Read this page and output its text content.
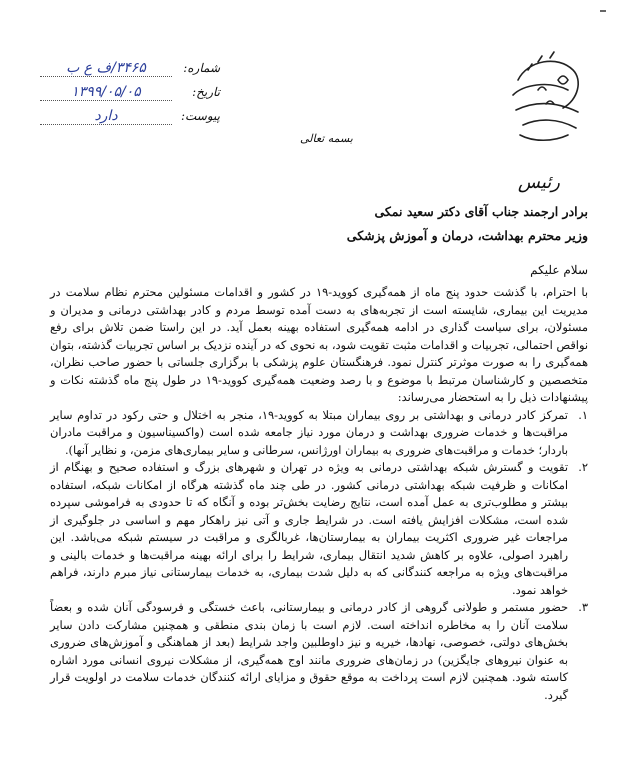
شماره:
۳۴۶۵/ف ع ب
تاریخ:
۱۳۹۹/۰۵/۰۵
پیوست:
دارد
بسمه تعالی
رئیس
برادر ارجمند جناب آقای دکتر سعید نمکی
وزیر محترم بهداشت، درمان و آموزش پزشکی
سلام علیکم

با احترام، با گذشت حدود پنج ماه از همه‌گیری کووید-۱۹ در کشور و اقدامات مسئولین محترم نظام سلامت در مدیریت این بیماری، شایسته است از تجربه‌های به دست آمده توسط مردم و کادر بهداشتی درمانی و مدیران و مسئولان، برای سیاست گذاری در ادامه همه‌گیری استفاده بهینه بعمل آید. در این راستا ضمن تلاش برای رفع نواقص احتمالی، تجربیات و اقدامات مثبت تقویت شود، به نحوی که در آینده نزدیک بر اساس تجربیات گذشته، بتوان همه‌گیری را به صورت موثرتر کنترل نمود. فرهنگستان علوم پزشکی با برگزاری جلساتی با حضور صاحب نظران، متخصصین و کارشناسان مرتبط با موضوع و با رصد وضعیت همه‌گیری کووید-۱۹ در طول پنج ماه گذشته نکات و پیشنهادات ذیل را به استحضار می‌رساند:

۱.
تمرکز کادر درمانی و بهداشتی بر روی بیماران مبتلا به کووید-۱۹، منجر به اختلال و حتی رکود در تداوم سایر مراقبت‌ها و خدمات ضروری بهداشت و درمان مورد نیاز جامعه شده است (واکسیناسیون و مراقبت مادران باردار؛ خدمات و مراقبت‌های ضروری به بیماران اورژانس، سرطانی و سایر بیماری‌های مزمن، و نظایر آنها).
۲.
تقویت و گسترش شبکه بهداشتی درمانی به ویژه در تهران و شهرهای بزرگ و استفاده صحیح و بهنگام از امکانات و ظرفیت شبکه بهداشتی درمانی کشور. در طی چند ماه گذشته هرگاه از امکانات شبکه، استفاده بیشتر و مطلوب‌تری به عمل آمده است، نتایج رضایت بخش‌تر بوده و آنگاه که تا حدودی به فراموشی سپرده شده است، مشکلات افزایش یافته است. در شرایط جاری و آتی نیز راهکار مهم و اساسی در جلوگیری از مراجعات غیر ضروری اکثریت بیماران به بیمارستان‌ها، غربالگری و مراقبت در سیستم شبکه می‌باشد. این راهبرد اصولی، علاوه بر کاهش شدید انتقال بیماری، شرایط را برای ارائه بهینه مراقبت‌ها و خدمات بالینی و مراقبت‌های ویژه به مراجعه کنندگانی که به دلیل شدت بیماری، به خدمات بیمارستانی نیاز مبرم دارند، فراهم خواهد نمود.
۳.
حضور مستمر و طولانی گروهی از کادر درمانی و بیمارستانی، باعث خستگی و فرسودگی آنان شده و بعضاً سلامت آنان را به مخاطره انداخته است. لازم است با زمان بندی منطقی و همچنین مشارکت دادن سایر بخش‌های دولتی، خصوصی، نهادها، خیریه و نیز داوطلبین واجد شرایط (بعد از هماهنگی و آموزش‌های ضروری به عنوان نیروهای جایگزین) در زمان‌های ضروری مانند اوج همه‌گیری، از مشکلات نیروی انسانی مورد اشاره کاسته شود. همچنین لازم است پرداخت به موقع حقوق و مزایای ارائه کنندگان خدمات سلامت در اولویت قرار گیرد.
